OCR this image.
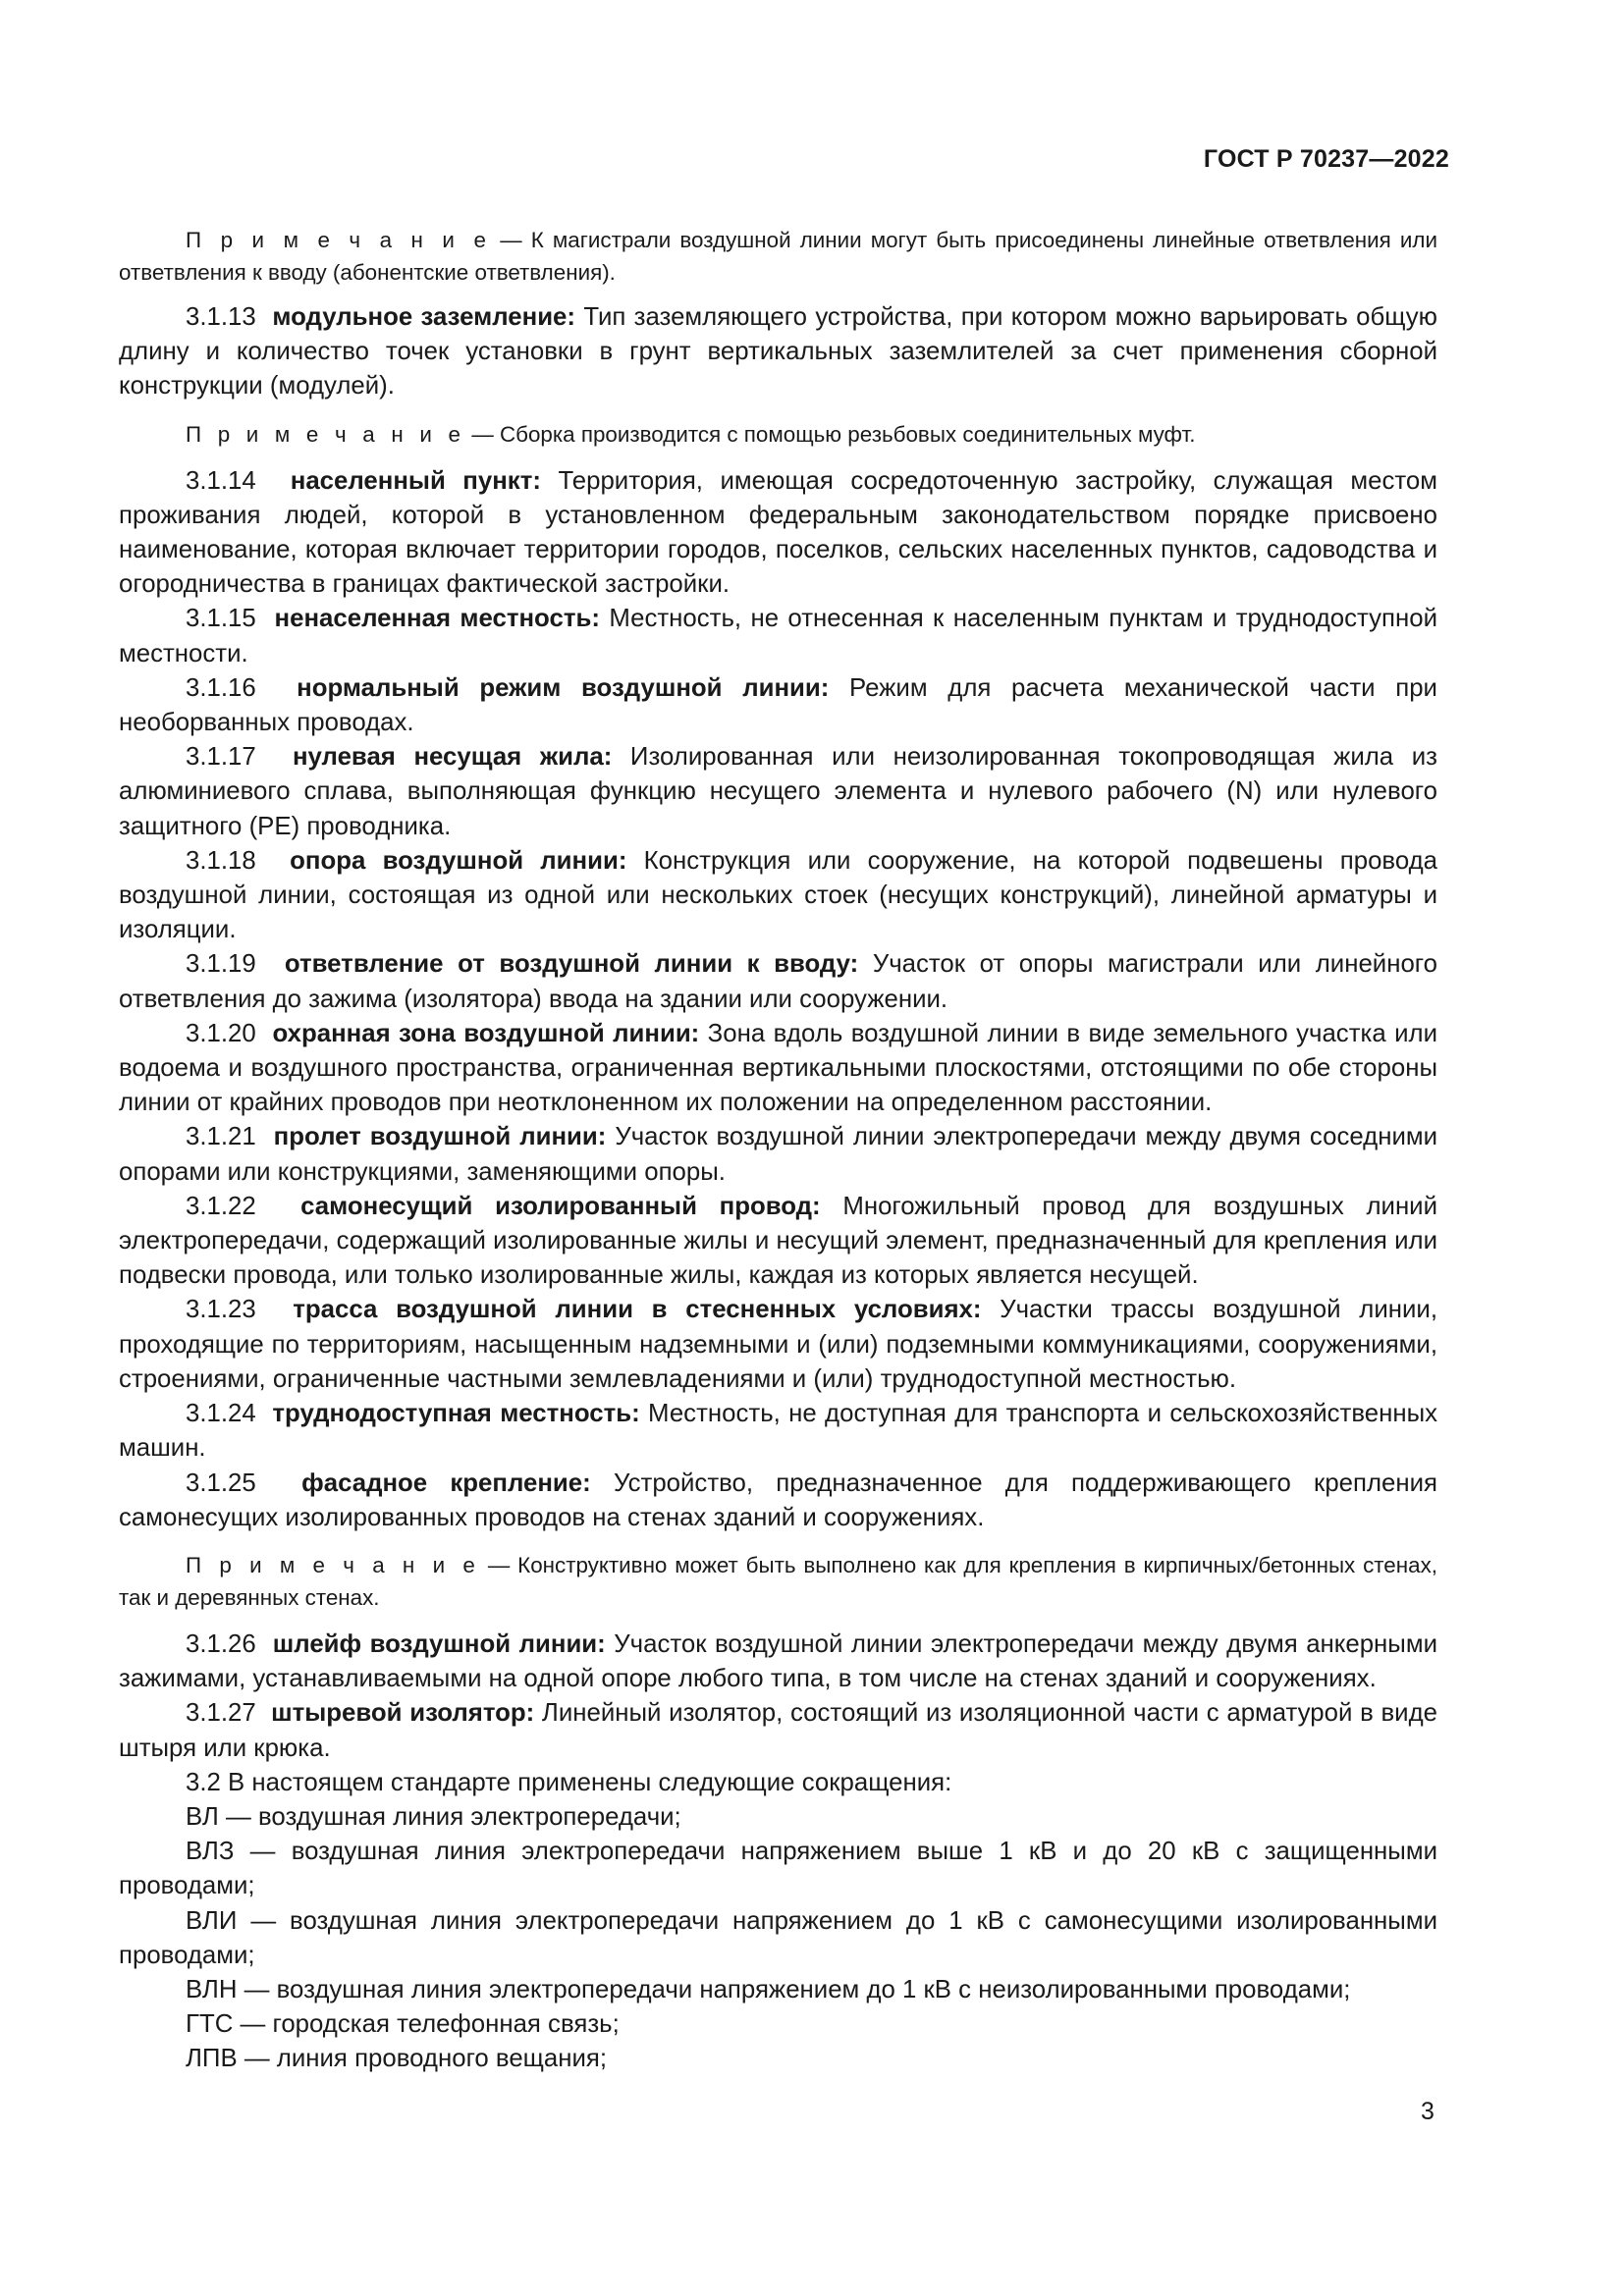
ГОСТ Р 70237—2022

П р и м е ч а н и е — К магистрали воздушной линии могут быть присоединены линейные ответвления или ответвления к вводу (абонентские ответвления).

3.1.13 модульное заземление: Тип заземляющего устройства, при котором можно варьировать общую длину и количество точек установки в грунт вертикальных заземлителей за счет применения сборной конструкции (модулей).

П р и м е ч а н и е — Сборка производится с помощью резьбовых соединительных муфт.

3.1.14 населенный пункт: Территория, имеющая сосредоточенную застройку, служащая местом проживания людей, которой в установленном федеральным законодательством порядке присвоено наименование, которая включает территории городов, поселков, сельских населенных пунктов, садоводства и огородничества в границах фактической застройки.

3.1.15 ненаселенная местность: Местность, не отнесенная к населенным пунктам и труднодоступной местности.

3.1.16 нормальный режим воздушной линии: Режим для расчета механической части при необорванных проводах.

3.1.17 нулевая несущая жила: Изолированная или неизолированная токопроводящая жила из алюминиевого сплава, выполняющая функцию несущего элемента и нулевого рабочего (N) или нулевого защитного (PE) проводника.

3.1.18 опора воздушной линии: Конструкция или сооружение, на которой подвешены провода воздушной линии, состоящая из одной или нескольких стоек (несущих конструкций), линейной арматуры и изоляции.

3.1.19 ответвление от воздушной линии к вводу: Участок от опоры магистрали или линейного ответвления до зажима (изолятора) ввода на здании или сооружении.

3.1.20 охранная зона воздушной линии: Зона вдоль воздушной линии в виде земельного участка или водоема и воздушного пространства, ограниченная вертикальными плоскостями, отстоящими по обе стороны линии от крайних проводов при неотклоненном их положении на определенном расстоянии.

3.1.21 пролет воздушной линии: Участок воздушной линии электропередачи между двумя соседними опорами или конструкциями, заменяющими опоры.

3.1.22 самонесущий изолированный провод: Многожильный провод для воздушных линий электропередачи, содержащий изолированные жилы и несущий элемент, предназначенный для крепления или подвески провода, или только изолированные жилы, каждая из которых является несущей.

3.1.23 трасса воздушной линии в стесненных условиях: Участки трассы воздушной линии, проходящие по территориям, насыщенным надземными и (или) подземными коммуникациями, сооружениями, строениями, ограниченные частными землевладениями и (или) труднодоступной местностью.

3.1.24 труднодоступная местность: Местность, не доступная для транспорта и сельскохозяйственных машин.

3.1.25 фасадное крепление: Устройство, предназначенное для поддерживающего крепления самонесущих изолированных проводов на стенах зданий и сооружениях.

П р и м е ч а н и е — Конструктивно может быть выполнено как для крепления в кирпичных/бетонных стенах, так и деревянных стенах.

3.1.26 шлейф воздушной линии: Участок воздушной линии электропередачи между двумя анкерными зажимами, устанавливаемыми на одной опоре любого типа, в том числе на стенах зданий и сооружениях.

3.1.27 штыревой изолятор: Линейный изолятор, состоящий из изоляционной части с арматурой в виде штыря или крюка.

3.2 В настоящем стандарте применены следующие сокращения:

ВЛ — воздушная линия электропередачи;

ВЛЗ — воздушная линия электропередачи напряжением выше 1 кВ и до 20 кВ с защищенными проводами;

ВЛИ — воздушная линия электропередачи напряжением до 1 кВ с самонесущими изолированными проводами;

ВЛН — воздушная линия электропередачи напряжением до 1 кВ с неизолированными проводами;

ГТС — городская телефонная связь;

ЛПВ — линия проводного вещания;

3
